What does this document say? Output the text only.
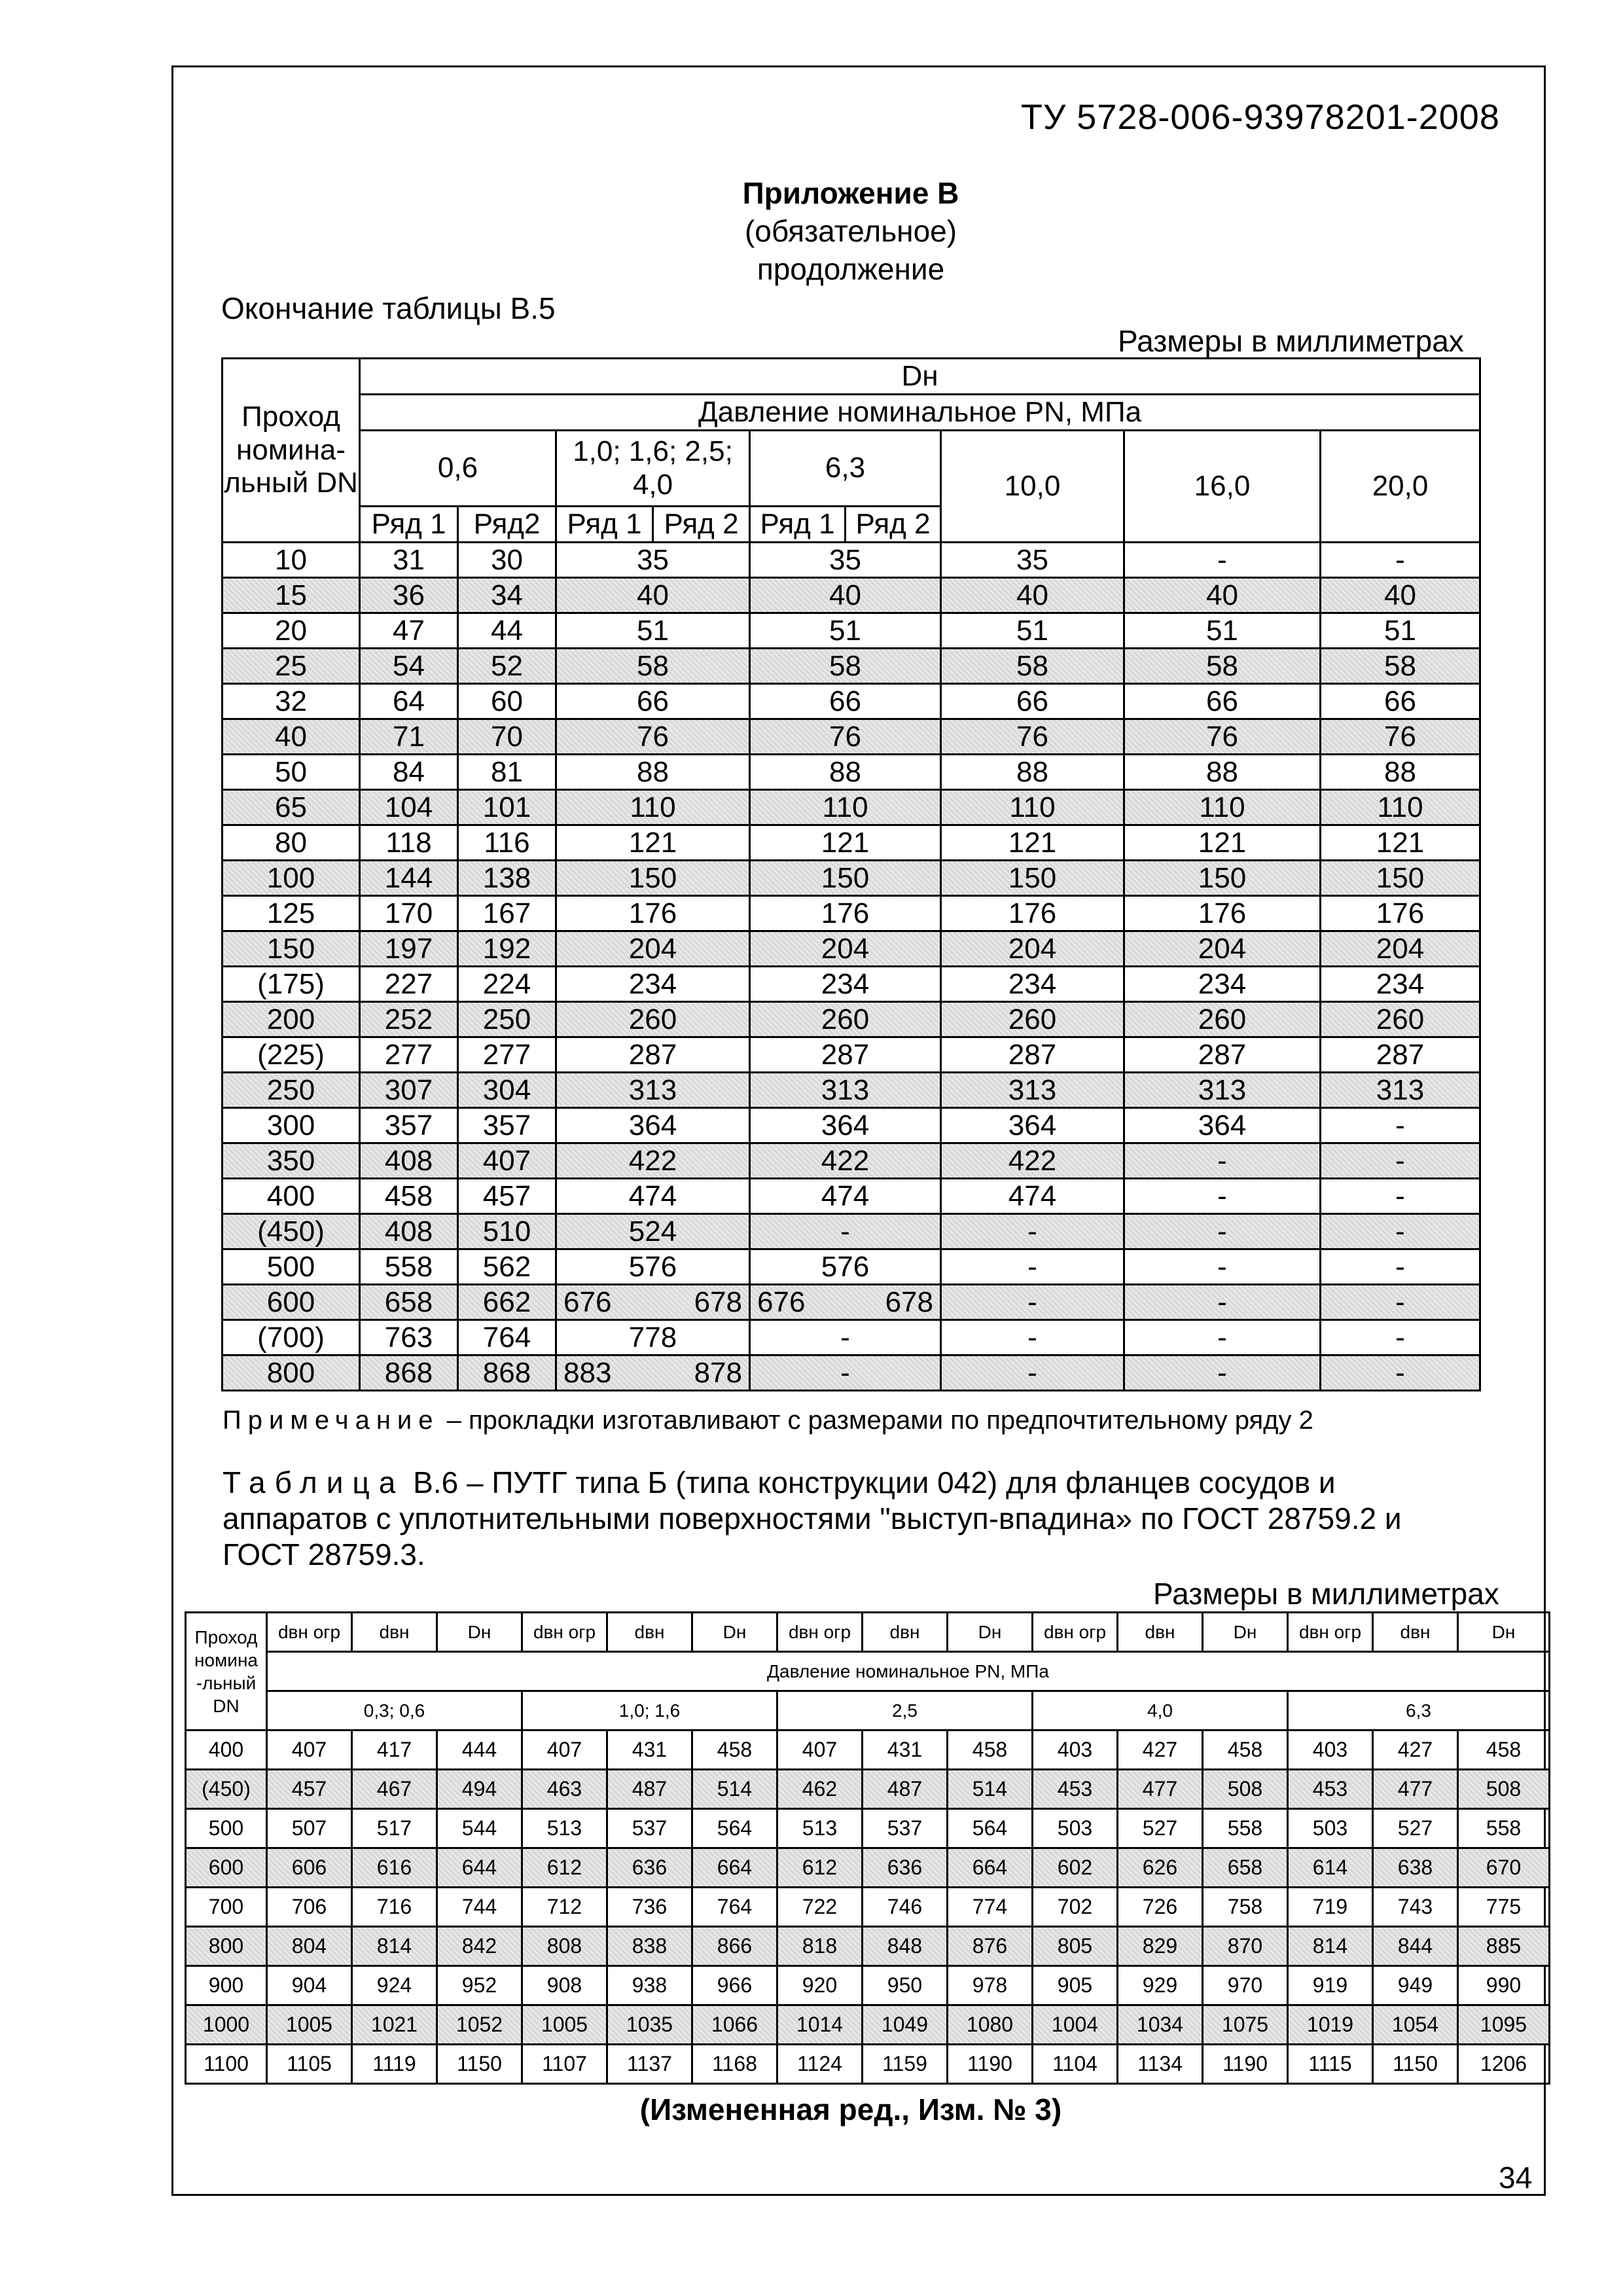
ТУ 5728-006-93978201-2008
Приложение В
(обязательное)
продолжение
Окончание таблицы В.5
Размеры в миллиметрах
Проход номина-льный DN	Dн								
	Давление номинальное PN, МПа								
	0,6		1,0; 1,6; 2,5; 4,0		6,3		10,0	16,0	20,0
	Ряд 1	Ряд2	Ряд 1	Ряд 2	Ряд 1	Ряд 2			
10	31	30	35		35		35	-	-
15	36	34	40		40		40	40	40
20	47	44	51		51		51	51	51
25	54	52	58		58		58	58	58
32	64	60	66		66		66	66	66
40	71	70	76		76		76	76	76
50	84	81	88		88		88	88	88
65	104	101	110		110		110	110	110
80	118	116	121		121		121	121	121
100	144	138	150		150		150	150	150
125	170	167	176		176		176	176	176
150	197	192	204		204		204	204	204
(175)	227	224	234		234		234	234	234
200	252	250	260		260		260	260	260
(225)	277	277	287		287		287	287	287
250	307	304	313		313		313	313	313
300	357	357	364		364		364	364	-
350	408	407	422		422		422	-	-
400	458	457	474		474		474	-	-
(450)	408	510	524		-		-	-	-
500	558	562	576		576		-	-	-
600	658	662	676 678		676 678		-	-	-
(700)	763	764	778		-		-	-	-
800	868	868	883 878		-		-	-	-
Примечание – прокладки изготавливают с размерами по предпочтительному ряду 2
Таблица В.6 – ПУТГ типа Б (типа конструкции 042) для фланцев сосудов и аппаратов с уплотнительными поверхностями "выступ-впадина» по ГОСТ 28759.2 и ГОСТ 28759.3.
Размеры в миллиметрах
Проход номина -льный DN	dвн огр	dвн	Dн	dвн огр	dвн	Dн	dвн огр	dвн	Dн	dвн огр	dвн	Dн	dвн огр	dвн	Dн
	Давление номинальное PN, МПа														
	0,3; 0,6			1,0; 1,6			2,5			4,0			6,3		
400	407	417	444	407	431	458	407	431	458	403	427	458	403	427	458
(450)	457	467	494	463	487	514	462	487	514	453	477	508	453	477	508
500	507	517	544	513	537	564	513	537	564	503	527	558	503	527	558
600	606	616	644	612	636	664	612	636	664	602	626	658	614	638	670
700	706	716	744	712	736	764	722	746	774	702	726	758	719	743	775
800	804	814	842	808	838	866	818	848	876	805	829	870	814	844	885
900	904	924	952	908	938	966	920	950	978	905	929	970	919	949	990
1000	1005	1021	1052	1005	1035	1066	1014	1049	1080	1004	1034	1075	1019	1054	1095
1100	1105	1119	1150	1107	1137	1168	1124	1159	1190	1104	1134	1190	1115	1150	1206
(Измененная ред., Изм. № 3)
34
